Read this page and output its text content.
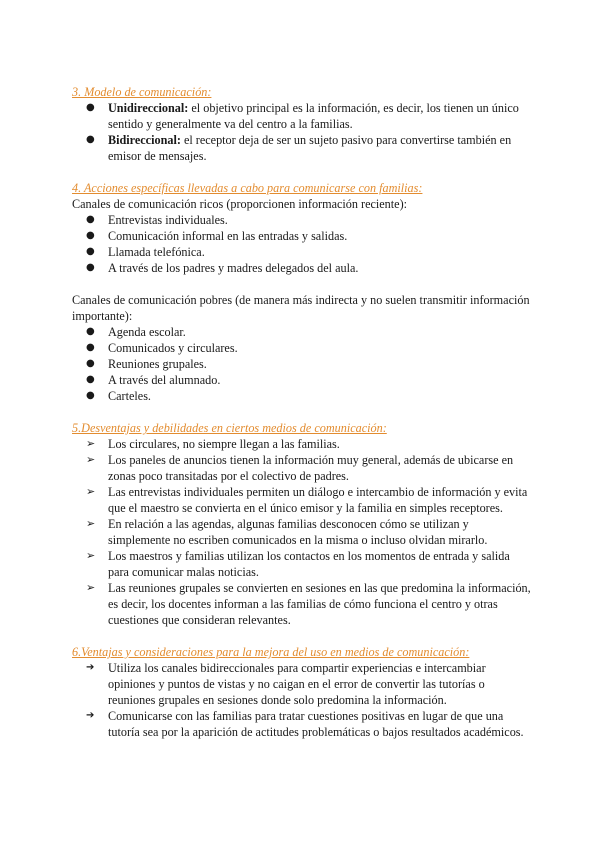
3. Modelo de comunicación:
●	Unidireccional: el objetivo principal es la información, es decir, los tienen un único sentido y generalmente va del centro a la familias.
●	Bidireccional: el receptor deja de ser un sujeto pasivo para convertirse también en emisor de mensajes.
4. Acciones específicas llevadas a cabo para comunicarse con familias:
Canales de comunicación ricos (proporcionen información reciente):
●	Entrevistas individuales.
●	Comunicación informal en las entradas y salidas.
●	Llamada telefónica.
●	A través de los padres y madres delegados del aula.
Canales de comunicación pobres (de manera más indirecta y no suelen transmitir información importante):
●	Agenda escolar.
●	Comunicados y circulares.
●	Reuniones grupales.
●	A través del alumnado.
●	Carteles.
5.Desventajas y debilidades en ciertos medios de comunicación:
➢	Los circulares, no siempre llegan a las familias.
➢	Los paneles de anuncios tienen la información muy general, además de ubicarse en zonas poco transitadas por el colectivo de padres.
➢	Las entrevistas individuales permiten un diálogo e intercambio de información y evita que el maestro se convierta en el único emisor y la familia en simples receptores.
➢	En relación a las agendas, algunas familias desconocen cómo se utilizan y simplemente no escriben comunicados en la misma o incluso olvidan mirarlo.
➢	Los maestros y familias utilizan los contactos en los momentos de entrada y salida para comunicar malas noticias.
➢	Las reuniones grupales se convierten en sesiones en las que predomina la información, es decir, los docentes informan a las familias de cómo funciona el centro y otras cuestiones que consideran relevantes.
6.Ventajas y consideraciones para la mejora del uso en medios de comunicación:
➔	Utiliza los canales bidireccionales para compartir experiencias e intercambiar opiniones y puntos de vistas y no caigan en el error de convertir las tutorías o reuniones grupales en sesiones donde solo predomina la información.
➔	Comunicarse con las familias para tratar cuestiones positivas en lugar de que una tutoría sea por la aparición de actitudes problemáticas o bajos resultados académicos.
